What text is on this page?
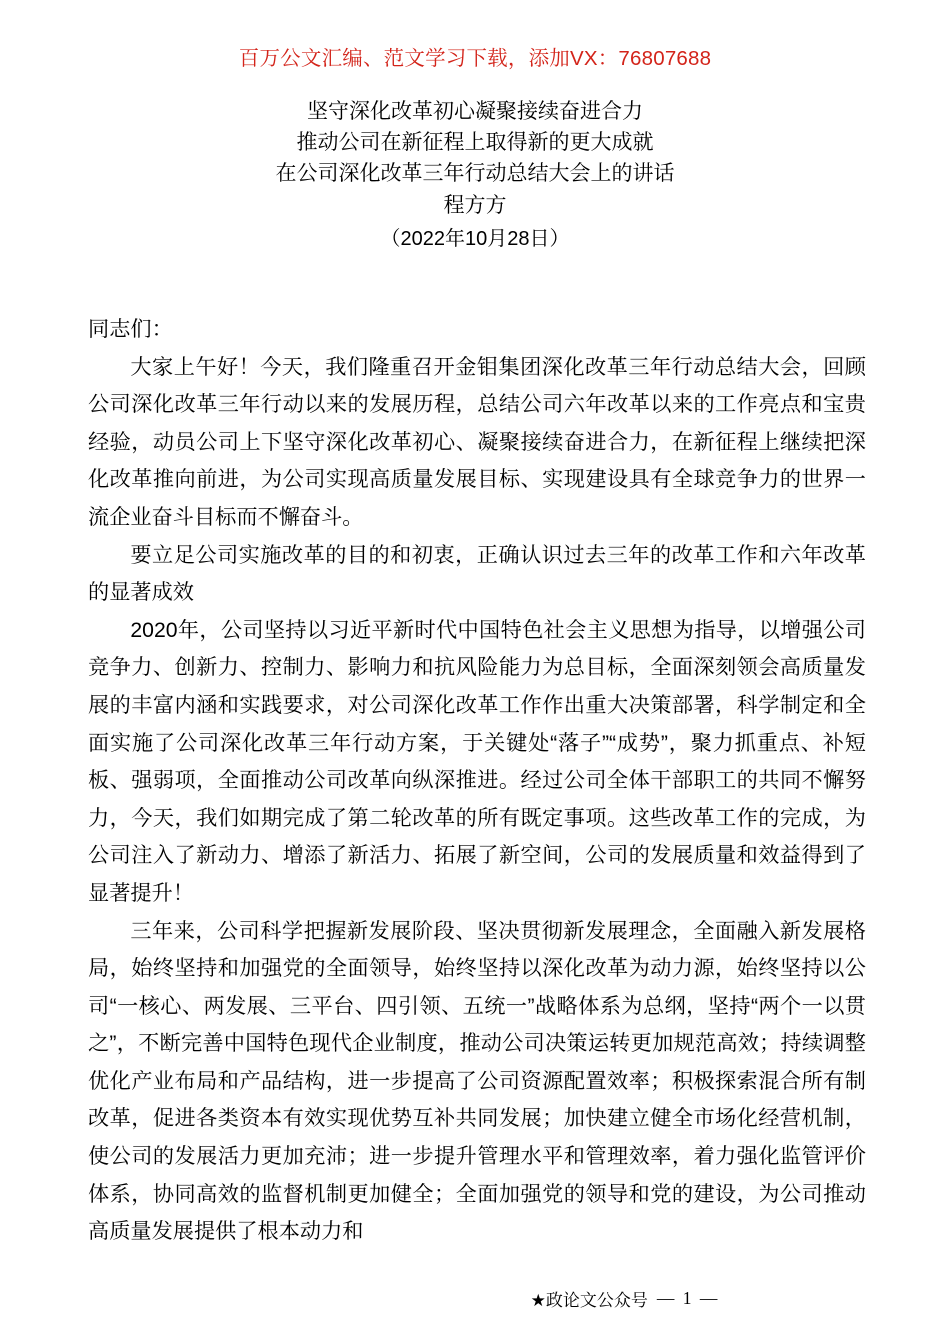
百万公文汇编、范文学习下载，添加VX：76807688
坚守深化改革初心凝聚接续奋进合力
推动公司在新征程上取得新的更大成就
在公司深化改革三年行动总结大会上的讲话
程方方
（2022年10月28日）

同志们：

大家上午好！今天，我们隆重召开金钼集团深化改革三年行动总结大会，回顾公司深化改革三年行动以来的发展历程，总结公司六年改革以来的工作亮点和宝贵经验，动员公司上下坚守深化改革初心、凝聚接续奋进合力，在新征程上继续把深化改革推向前进，为公司实现高质量发展目标、实现建设具有全球竞争力的世界一流企业奋斗目标而不懈奋斗。

要立足公司实施改革的目的和初衷，正确认识过去三年的改革工作和六年改革的显著成效

2020年，公司坚持以习近平新时代中国特色社会主义思想为指导，以增强公司竞争力、创新力、控制力、影响力和抗风险能力为总目标，全面深刻领会高质量发展的丰富内涵和实践要求，对公司深化改革工作作出重大决策部署，科学制定和全面实施了公司深化改革三年行动方案，于关键处“落子”“成势”，聚力抓重点、补短板、强弱项，全面推动公司改革向纵深推进。经过公司全体干部职工的共同不懈努力，今天，我们如期完成了第二轮改革的所有既定事项。这些改革工作的完成，为公司注入了新动力、增添了新活力、拓展了新空间，公司的发展质量和效益得到了显著提升！

三年来，公司科学把握新发展阶段、坚决贯彻新发展理念，全面融入新发展格局，始终坚持和加强党的全面领导，始终坚持以深化改革为动力源，始终坚持以公司“一核心、两发展、三平台、四引领、五统一”战略体系为总纲，坚持“两个一以贯之”，不断完善中国特色现代企业制度，推动公司决策运转更加规范高效；持续调整优化产业布局和产品结构，进一步提高了公司资源配置效率；积极探索混合所有制改革，促进各类资本有效实现优势互补共同发展；加快建立健全市场化经营机制，使公司的发展活力更加充沛；进一步提升管理水平和管理效率，着力强化监管评价体系，协同高效的监督机制更加健全；全面加强党的领导和党的建设，为公司推动高质量发展提供了根本动力和

★政论文公众号 — 1 —
